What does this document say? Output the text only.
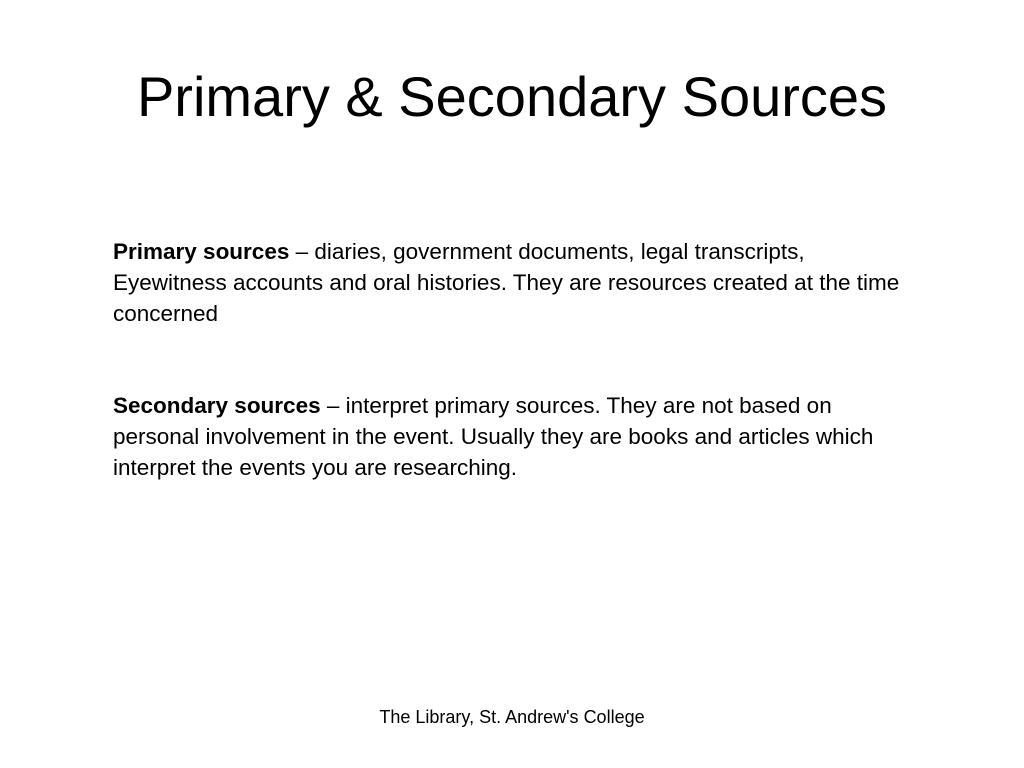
Primary & Secondary Sources

Primary sources – diaries, government documents, legal transcripts, Eyewitness accounts and oral histories. They are resources created at the time concerned

Secondary sources – interpret primary sources. They are not based on personal involvement in the event. Usually they are books and articles which interpret the events you are researching.

The Library, St. Andrew's College
